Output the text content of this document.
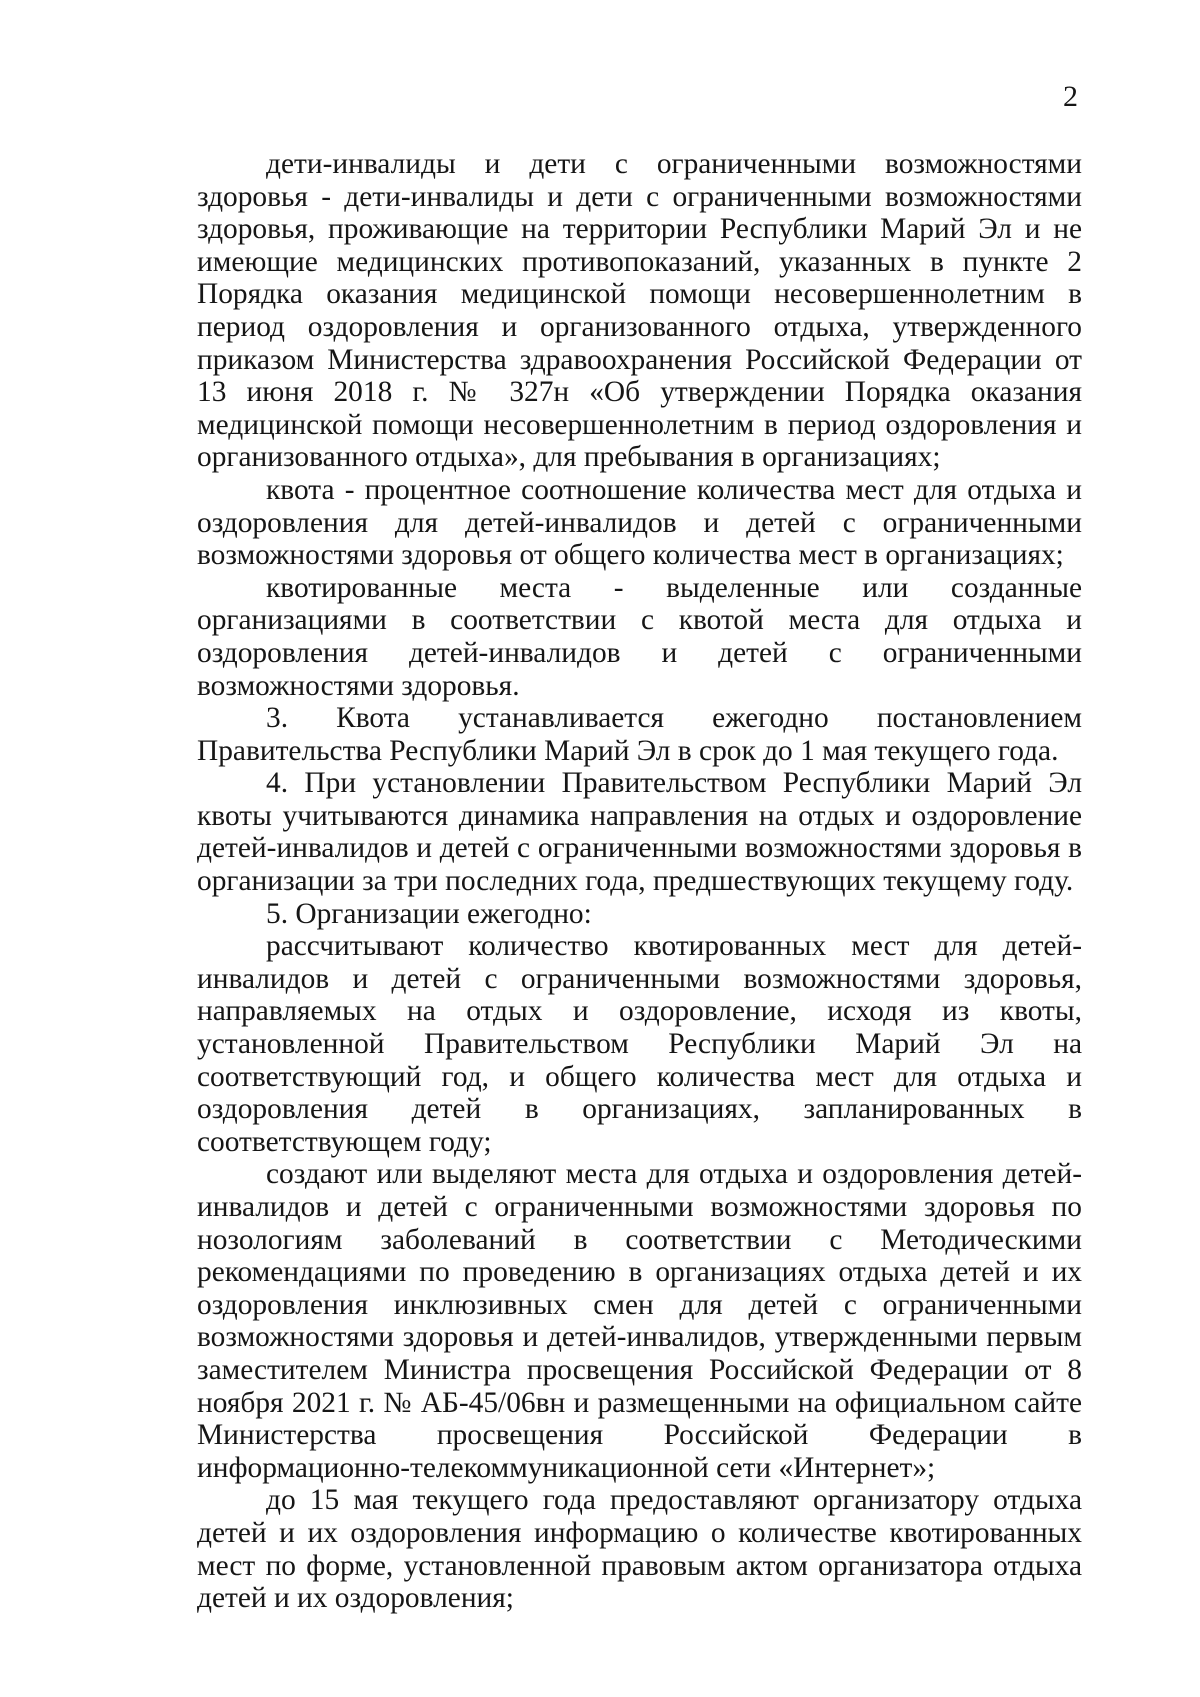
2

дети-инвалиды и дети с ограниченными возможностями здоровья - дети-инвалиды и дети с ограниченными возможностями здоровья, проживающие на территории Республики Марий Эл и не имеющие медицинских противопоказаний, указанных в пункте 2 Порядка оказания медицинской помощи несовершеннолетним в период оздоровления и организованного отдыха, утвержденного приказом Министерства здравоохранения Российской Федерации от 13 июня 2018 г. № 327н «Об утверждении Порядка оказания медицинской помощи несовершеннолетним в период оздоровления и организованного отдыха», для пребывания в организациях;

квота - процентное соотношение количества мест для отдыха и оздоровления для детей-инвалидов и детей с ограниченными возможностями здоровья от общего количества мест в организациях;

квотированные места - выделенные или созданные организациями в соответствии с квотой места для отдыха и оздоровления детей-инвалидов и детей с ограниченными возможностями здоровья.

3. Квота устанавливается ежегодно постановлением Правительства Республики Марий Эл в срок до 1 мая текущего года.

4. При установлении Правительством Республики Марий Эл квоты учитываются динамика направления на отдых и оздоровление детей-инвалидов и детей с ограниченными возможностями здоровья в организации за три последних года, предшествующих текущему году.

5. Организации ежегодно:

рассчитывают количество квотированных мест для детей-инвалидов и детей с ограниченными возможностями здоровья, направляемых на отдых и оздоровление, исходя из квоты, установленной Правительством Республики Марий Эл на соответствующий год, и общего количества мест для отдыха и оздоровления детей в организациях, запланированных в соответствующем году;

создают или выделяют места для отдыха и оздоровления детей-инвалидов и детей с ограниченными возможностями здоровья по нозологиям заболеваний в соответствии с Методическими рекомендациями по проведению в организациях отдыха детей и их оздоровления инклюзивных смен для детей с ограниченными возможностями здоровья и детей-инвалидов, утвержденными первым заместителем Министра просвещения Российской Федерации от 8 ноября 2021 г. № АБ-45/06вн и размещенными на официальном сайте Министерства просвещения Российской Федерации в информационно-телекоммуникационной сети «Интернет»;

до 15 мая текущего года предоставляют организатору отдыха детей и их оздоровления информацию о количестве квотированных мест по форме, установленной правовым актом организатора отдыха детей и их оздоровления;
